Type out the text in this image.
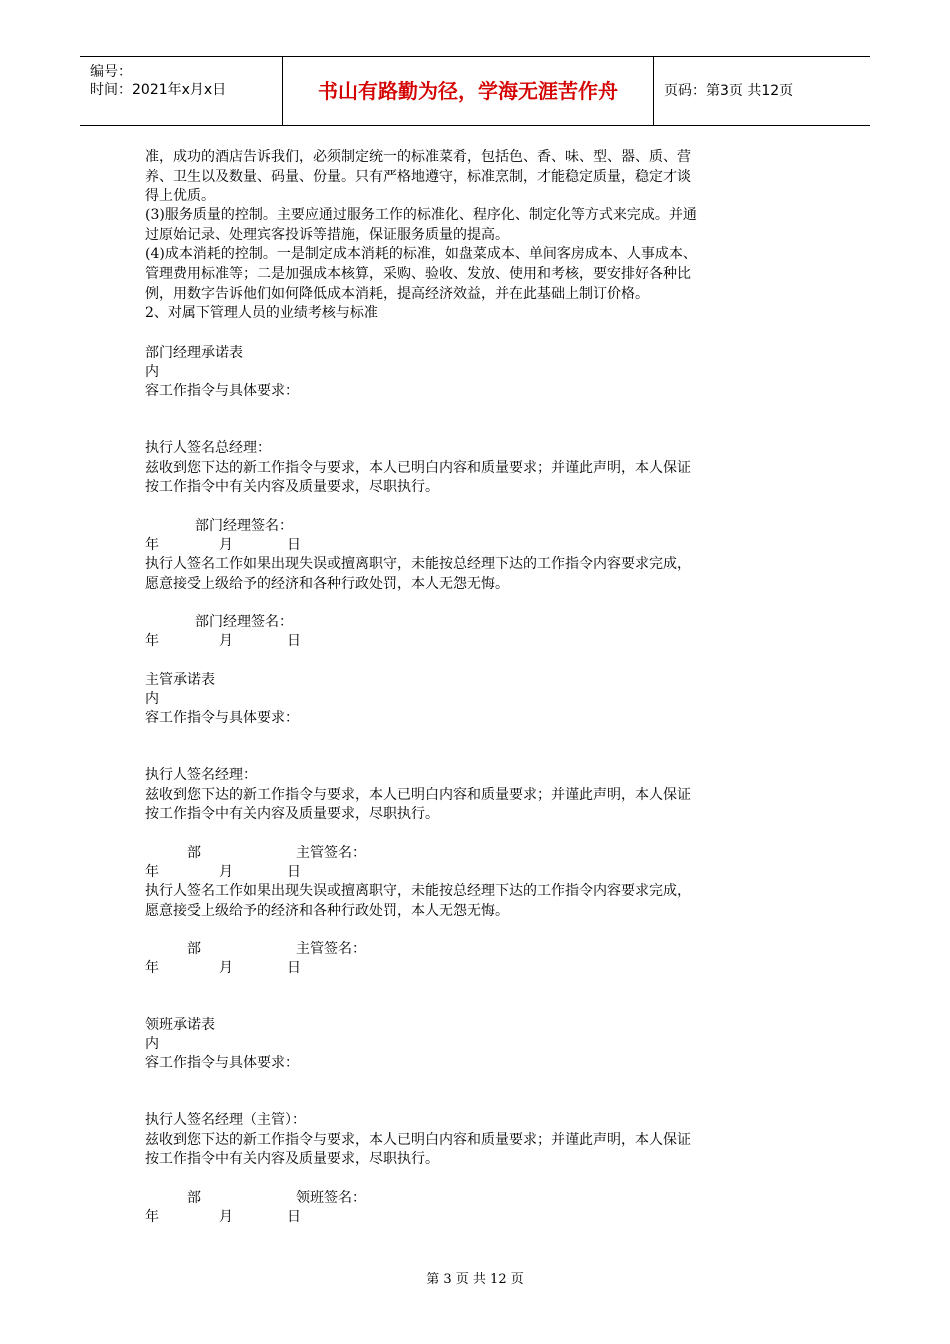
编号：
时间：2021年x月x日	书山有路勤为径，学海无涯苦作舟	页码：第3页 共12页
准，成功的酒店告诉我们，必须制定统一的标准菜肴，包括色、香、味、型、器、质、营
养、卫生以及数量、码量、份量。只有严格地遵守，标准烹制，才能稳定质量，稳定才谈
得上优质。
(3)服务质量的控制。主要应通过服务工作的标准化、程序化、制定化等方式来完成。并通
过原始记录、处理宾客投诉等措施，保证服务质量的提高。
(4)成本消耗的控制。一是制定成本消耗的标准，如盘菜成本、单间客房成本、人事成本、
管理费用标准等；二是加强成本核算，采购、验收、发放、使用和考核，要安排好各种比
例，用数字告诉他们如何降低成本消耗，提高经济效益，并在此基础上制订价格。
2、对属下管理人员的业绩考核与标准
部门经理承诺表
内
容工作指令与具体要求：
执行人签名总经理：
兹收到您下达的新工作指令与要求，本人已明白内容和质量要求；并谨此声明，本人保证
按工作指令中有关内容及质量要求，尽职执行。
部门经理签名：
年	月	日
执行人签名工作如果出现失误或擅离职守，未能按总经理下达的工作指令内容要求完成，
愿意接受上级给予的经济和各种行政处罚，本人无怨无悔。
部门经理签名：
年	月	日
主管承诺表
内
容工作指令与具体要求：
执行人签名经理：
兹收到您下达的新工作指令与要求，本人已明白内容和质量要求；并谨此声明，本人保证
按工作指令中有关内容及质量要求，尽职执行。
部	主管签名：
年	月	日
执行人签名工作如果出现失误或擅离职守，未能按总经理下达的工作指令内容要求完成，
愿意接受上级给予的经济和各种行政处罚，本人无怨无悔。
部	主管签名：
年	月	日
领班承诺表
内
容工作指令与具体要求：
执行人签名经理（主管）：
兹收到您下达的新工作指令与要求，本人已明白内容和质量要求；并谨此声明，本人保证
按工作指令中有关内容及质量要求，尽职执行。
部	领班签名：
年	月	日
第 3 页 共 12 页
